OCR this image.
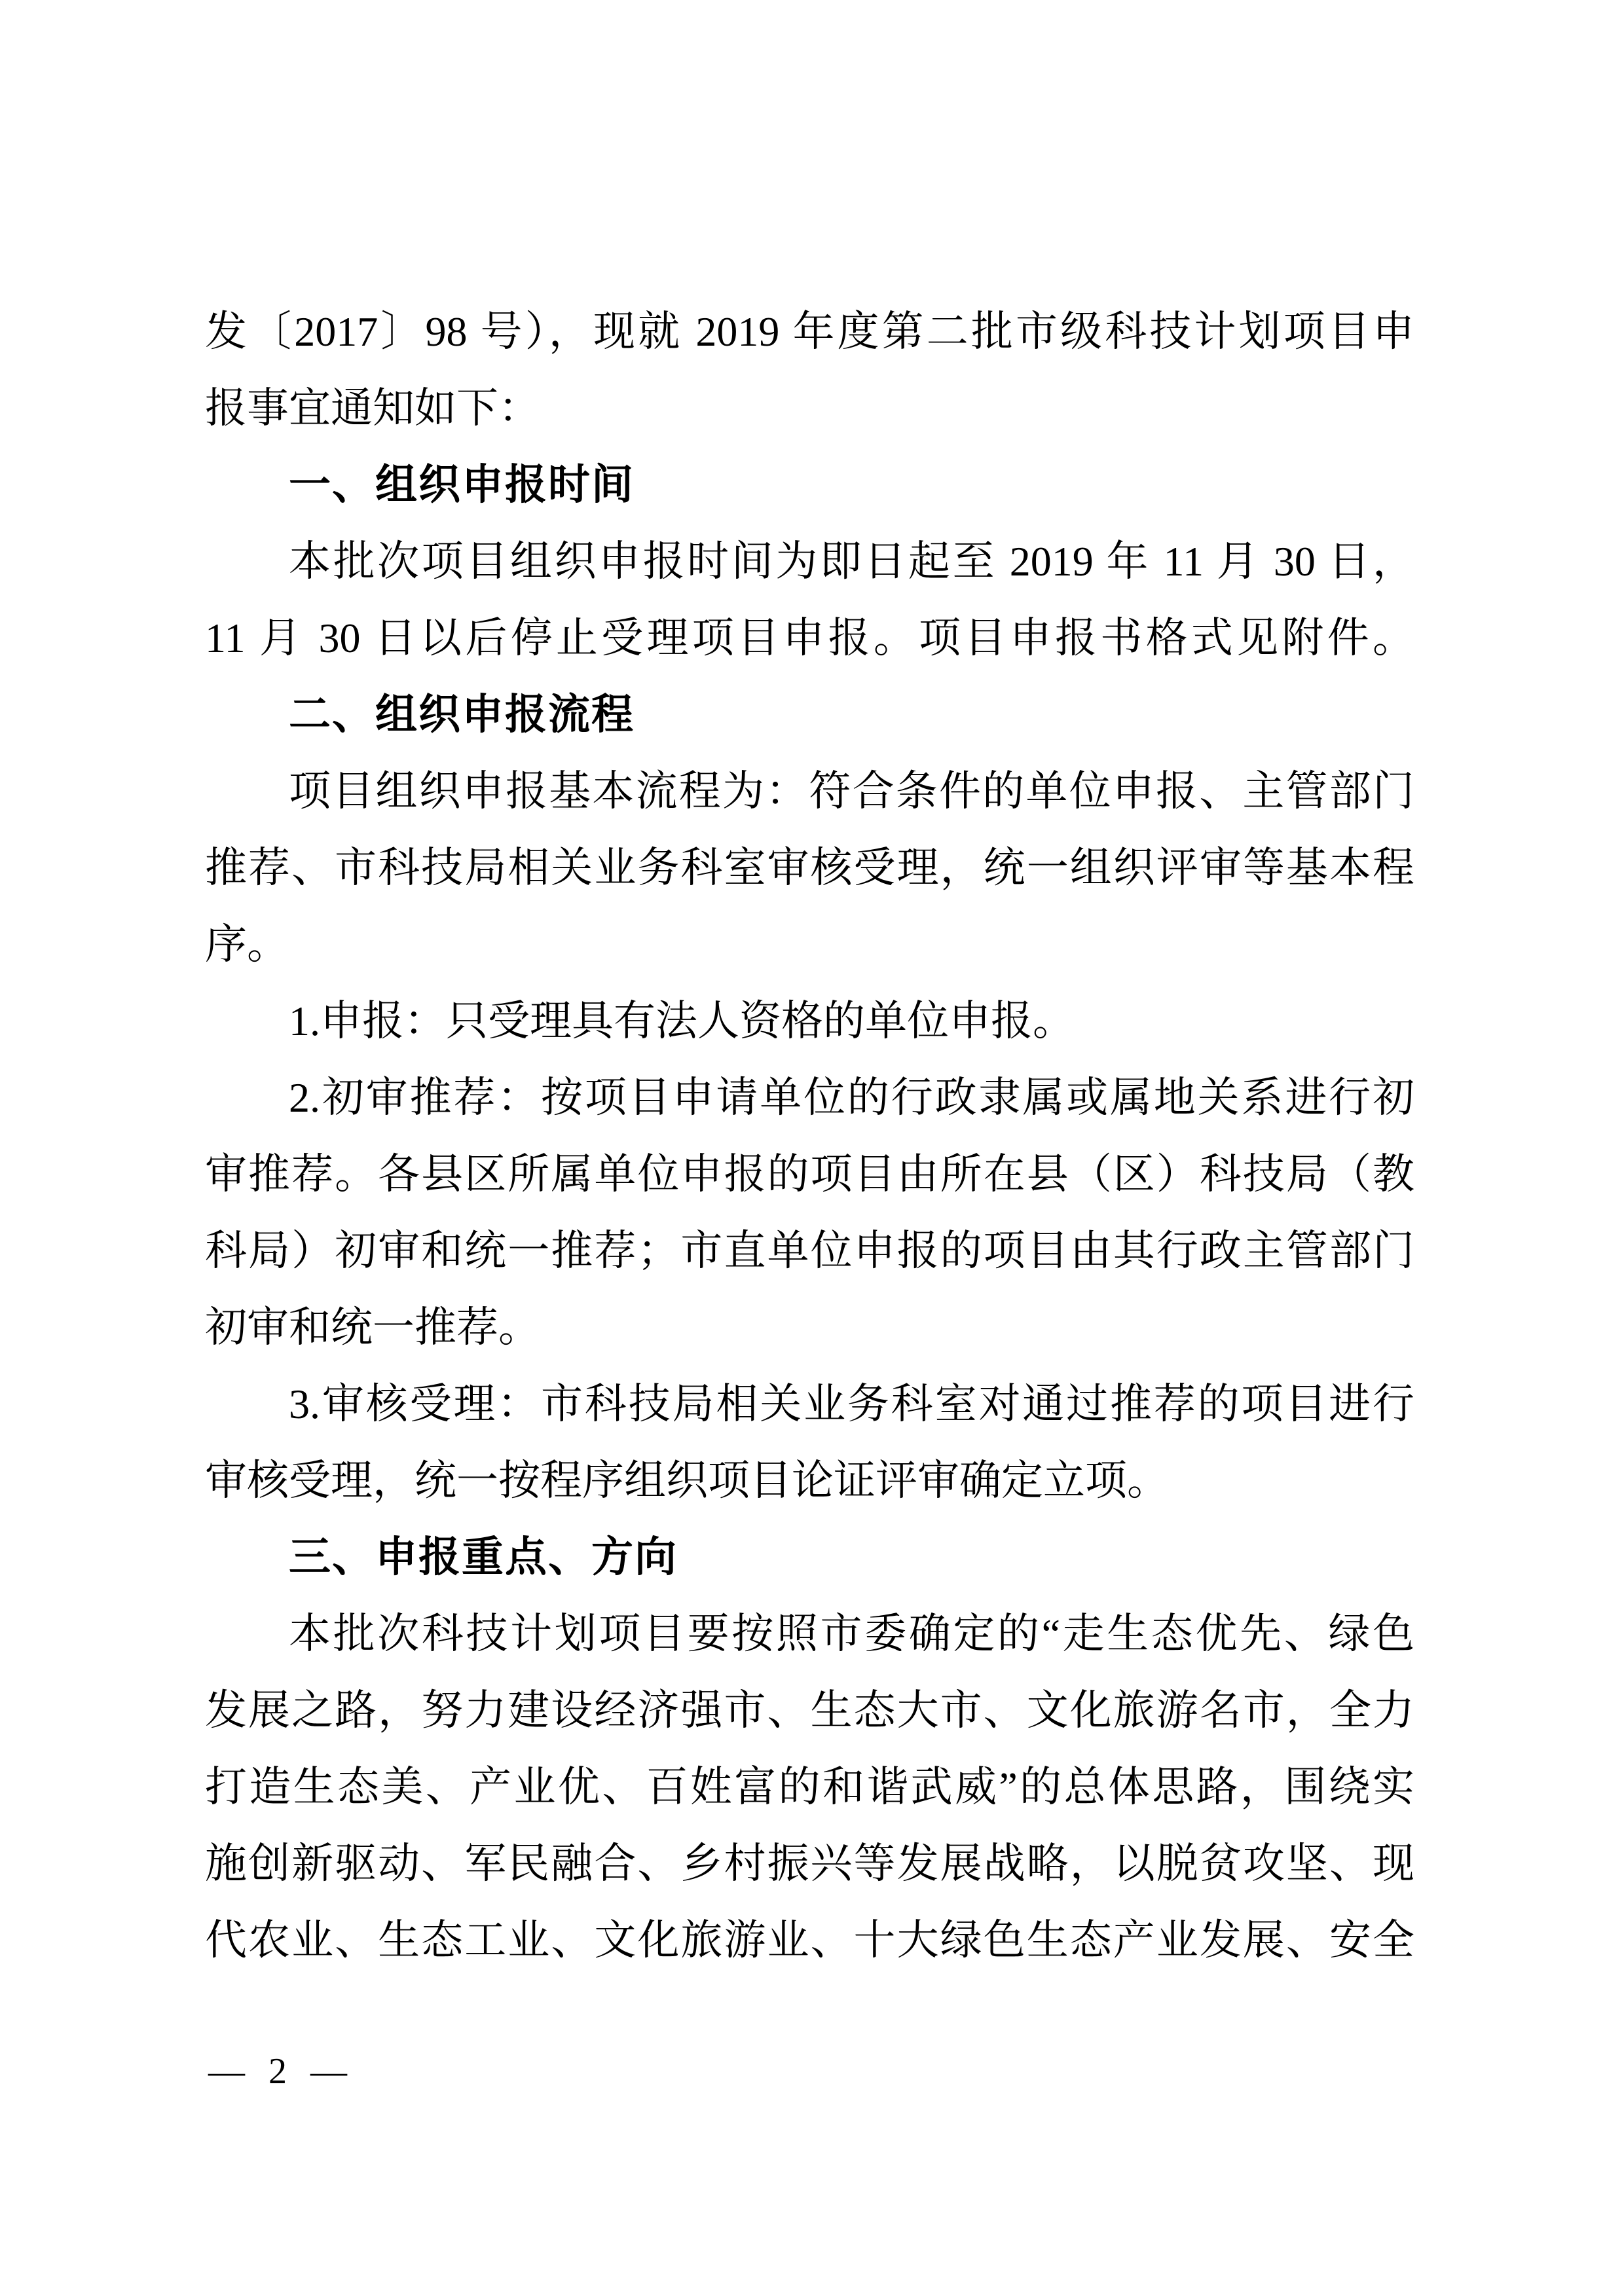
发〔2017〕98 号），现就 2019 年度第二批市级科技计划项目申
报事宜通知如下：
一、组织申报时间
本批次项目组织申报时间为即日起至 2019 年 11 月 30 日，
11 月 30 日以后停止受理项目申报。项目申报书格式见附件。
二、组织申报流程
项目组织申报基本流程为：符合条件的单位申报、主管部门
推荐、市科技局相关业务科室审核受理，统一组织评审等基本程
序。
1.申报：只受理具有法人资格的单位申报。
2.初审推荐：按项目申请单位的行政隶属或属地关系进行初
审推荐。各县区所属单位申报的项目由所在县（区）科技局（教
科局）初审和统一推荐；市直单位申报的项目由其行政主管部门
初审和统一推荐。
3.审核受理：市科技局相关业务科室对通过推荐的项目进行
审核受理，统一按程序组织项目论证评审确定立项。
三、申报重点、方向
本批次科技计划项目要按照市委确定的“走生态优先、绿色
发展之路，努力建设经济强市、生态大市、文化旅游名市，全力
打造生态美、产业优、百姓富的和谐武威”的总体思路，围绕实
施创新驱动、军民融合、乡村振兴等发展战略，以脱贫攻坚、现
代农业、生态工业、文化旅游业、十大绿色生态产业发展、安全
— 2 —
